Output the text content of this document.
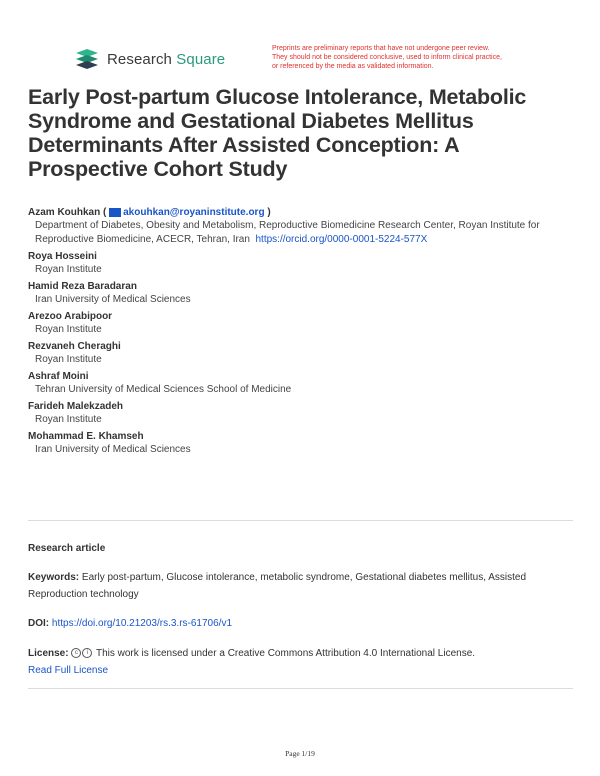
Research Square
Preprints are preliminary reports that have not undergone peer review.
They should not be considered conclusive, used to inform clinical practice,
or referenced by the media as validated information.
Early Post-partum Glucose Intolerance, Metabolic Syndrome and Gestational Diabetes Mellitus Determinants After Assisted Conception: A Prospective Cohort Study
Azam Kouhkan ( akouhkan@royaninstitute.org )
Department of Diabetes, Obesity and Metabolism, Reproductive Biomedicine Research Center, Royan Institute for Reproductive Biomedicine, ACECR, Tehran, Iran https://orcid.org/0000-0001-5224-577X
Roya Hosseini
Royan Institute
Hamid Reza Baradaran
Iran University of Medical Sciences
Arezoo Arabipoor
Royan Institute
Rezvaneh Cheraghi
Royan Institute
Ashraf Moini
Tehran University of Medical Sciences School of Medicine
Farideh Malekzadeh
Royan Institute
Mohammad E. Khamseh
Iran University of Medical Sciences
Research article
Keywords: Early post-partum, Glucose intolerance, metabolic syndrome, Gestational diabetes mellitus, Assisted Reproduction technology
DOI: https://doi.org/10.21203/rs.3.rs-61706/v1
License: c i This work is licensed under a Creative Commons Attribution 4.0 International License.
Read Full License
Page 1/19
